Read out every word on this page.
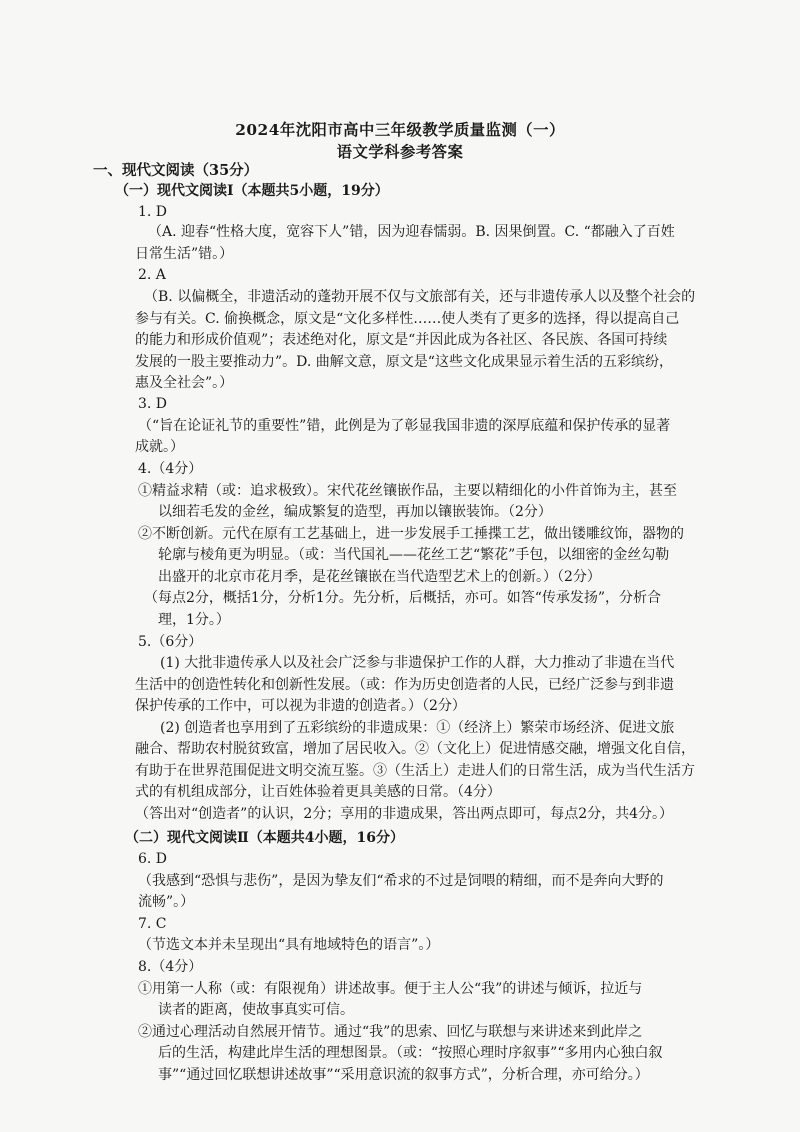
2024年沈阳市高中三年级教学质量监测（一）
语文学科参考答案
一、现代文阅读（35分）
（一）现代文阅读Ⅰ（本题共5小题，19分）
1. D
（A. 迎春“性格大度，宽容下人”错，因为迎春懦弱。B. 因果倒置。C. “都融入了百姓
日常生活”错。）
2. A
（B. 以偏概全，非遗活动的蓬勃开展不仅与文旅部有关，还与非遗传承人以及整个社会的
参与有关。C. 偷换概念，原文是“文化多样性……使人类有了更多的选择，得以提高自己
的能力和形成价值观”；表述绝对化，原文是“并因此成为各社区、各民族、各国可持续
发展的一股主要推动力”。D. 曲解文意，原文是“这些文化成果显示着生活的五彩缤纷，
惠及全社会”。）
3. D
（“旨在论证礼节的重要性”错，此例是为了彰显我国非遗的深厚底蕴和保护传承的显著
成就。）
4.（4分）
①精益求精（或：追求极致）。宋代花丝镶嵌作品，主要以精细化的小件首饰为主，甚至
以细若毛发的金丝，编成繁复的造型，再加以镶嵌装饰。（2分）
②不断创新。元代在原有工艺基础上，进一步发展手工捶揲工艺，做出镂雕纹饰，器物的
轮廓与棱角更为明显。（或：当代国礼——花丝工艺“繁花”手包，以细密的金丝勾勒
出盛开的北京市花月季，是花丝镶嵌在当代造型艺术上的创新。）（2分）
（每点2分，概括1分，分析1分。先分析，后概括，亦可。如答“传承发扬”，分析合
理，1分。）
5.（6分）
(1) 大批非遗传承人以及社会广泛参与非遗保护工作的人群，大力推动了非遗在当代
生活中的创造性转化和创新性发展。（或：作为历史创造者的人民，已经广泛参与到非遗
保护传承的工作中，可以视为非遗的创造者。）（2分）
(2) 创造者也享用到了五彩缤纷的非遗成果：①（经济上）繁荣市场经济、促进文旅
融合、帮助农村脱贫致富，增加了居民收入。②（文化上）促进情感交融，增强文化自信，
有助于在世界范围促进文明交流互鉴。③（生活上）走进人们的日常生活，成为当代生活方
式的有机组成部分，让百姓体验着更具美感的日常。（4分）
（答出对“创造者”的认识，2分；享用的非遗成果，答出两点即可，每点2分，共4分。）
（二）现代文阅读Ⅱ（本题共4小题，16分）
6. D
（我感到“恐惧与悲伤”，是因为挚友们“希求的不过是饲喂的精细，而不是奔向大野的
流畅”。）
7. C
（节选文本并未呈现出“具有地域特色的语言”。）
8.（4分）
①用第一人称（或：有限视角）讲述故事。便于主人公“我”的讲述与倾诉，拉近与
读者的距离，使故事真实可信。
②通过心理活动自然展开情节。通过“我”的思索、回忆与联想与来讲述来到此岸之
后的生活，构建此岸生活的理想图景。（或：“按照心理时序叙事”“多用内心独白叙
事”“通过回忆联想讲述故事”“采用意识流的叙事方式”，分析合理，亦可给分。）
